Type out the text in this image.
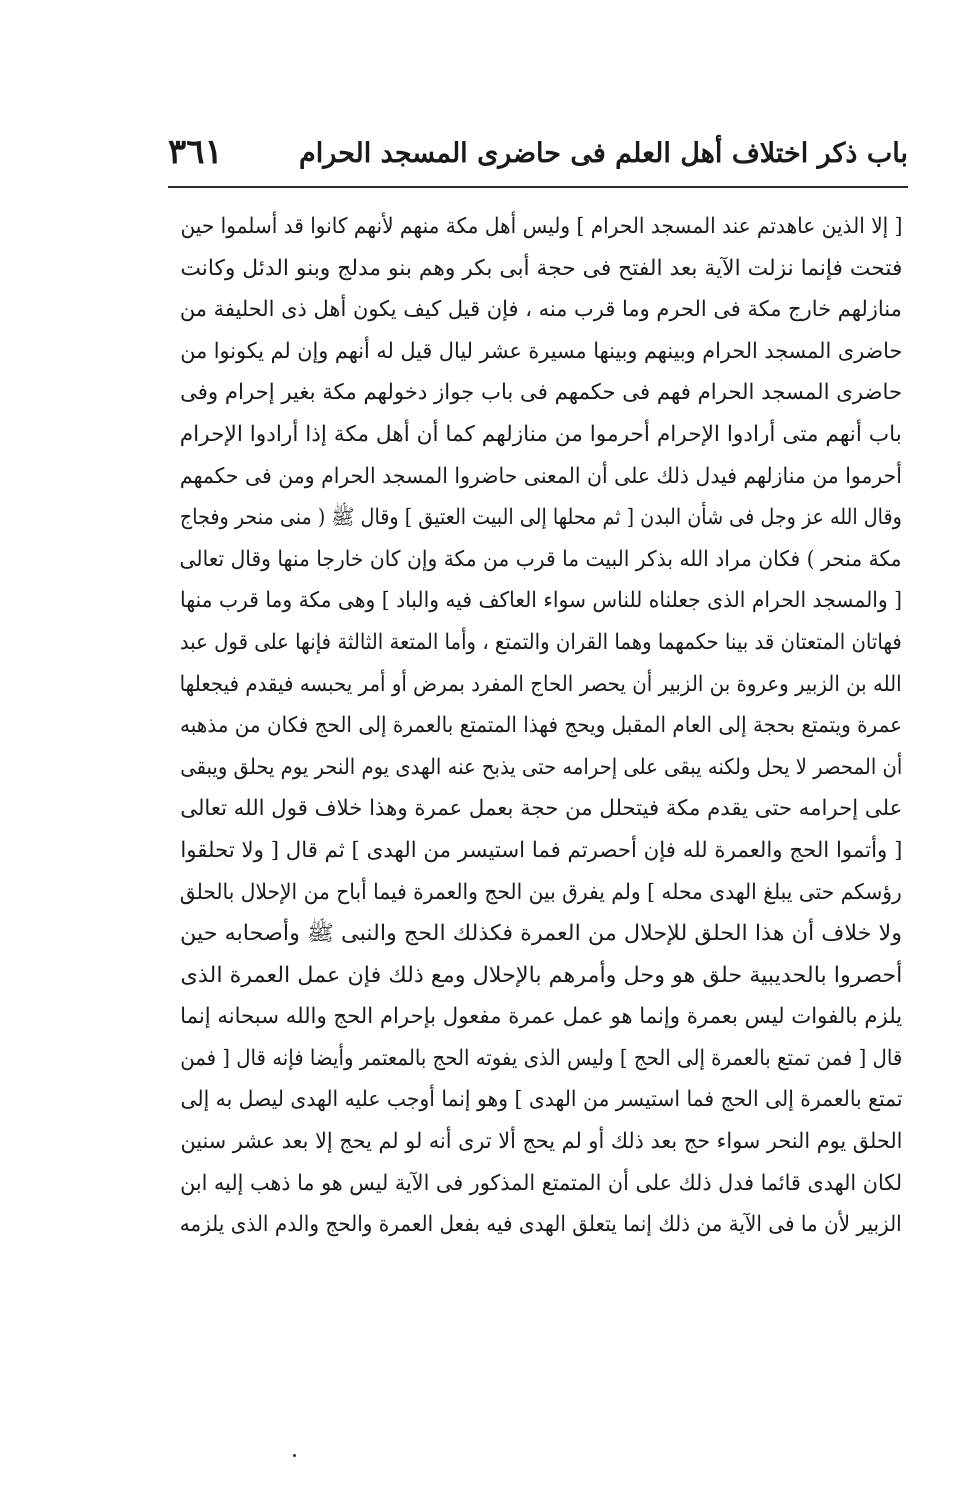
باب ذكر اختلاف أهل العلم فى حاضرى المسجد الحرام
٣٦١
[ إلا الذين عاهدتم عند المسجد الحرام ] وليس أهل مكة منهم لأنهم كانوا قد أسلموا حين
فتحت فإنما نزلت الآية بعد الفتح فى حجة أبى بكر وهم بنو مدلج وبنو الدئل وكانت
منازلهم خارج مكة فى الحرم وما قرب منه ، فإن قيل كيف يكون أهل ذى الحليفة من
حاضرى المسجد الحرام وبينهم وبينها مسيرة عشر ليال قيل له أنهم وإن لم يكونوا من
حاضرى المسجد الحرام فهم فى حكمهم فى باب جواز دخولهم مكة بغير إحرام وفى
باب أنهم متى أرادوا الإحرام أحرموا من منازلهم كما أن أهل مكة إذا أرادوا الإحرام
أحرموا من منازلهم فيدل ذلك على أن المعنى حاضروا المسجد الحرام ومن فى حكمهم
وقال الله عز وجل فى شأن البدن [ ثم محلها إلى البيت العتيق ] وقال ﷺ ( منى منحر وفجاج
مكة منحر ) فكان مراد الله بذكر البيت ما قرب من مكة وإن كان خارجا منها وقال تعالى
[ والمسجد الحرام الذى جعلناه للناس سواء العاكف فيه والباد ] وهى مكة وما قرب منها
فهاتان المتعتان قد بينا حكمهما وهما القران والتمتع ، وأما المتعة الثالثة فإنها على قول عبد
الله بن الزبير وعروة بن الزبير أن يحصر الحاج المفرد بمرض أو أمر يحبسه فيقدم فيجعلها
عمرة ويتمتع بحجة إلى العام المقبل ويحج فهذا المتمتع بالعمرة إلى الحج فكان من مذهبه
أن المحصر لا يحل ولكنه يبقى على إحرامه حتى يذبح عنه الهدى يوم النحر يوم يحلق ويبقى
على إحرامه حتى يقدم مكة فيتحلل من حجة بعمل عمرة وهذا خلاف قول الله تعالى
[ وأتموا الحج والعمرة لله فإن أحصرتم فما استيسر من الهدى ] ثم قال [ ولا تحلقوا
رؤسكم حتى يبلغ الهدى محله ] ولم يفرق بين الحج والعمرة فيما أباح من الإحلال بالحلق
ولا خلاف أن هذا الحلق للإحلال من العمرة فكذلك الحج والنبى ﷺ وأصحابه حين
أحصروا بالحديبية حلق هو وحل وأمرهم بالإحلال ومع ذلك فإن عمل العمرة الذى
يلزم بالفوات ليس بعمرة وإنما هو عمل عمرة مفعول بإحرام الحج والله سبحانه إنما
قال [ فمن تمتع بالعمرة إلى الحج ] وليس الذى يفوته الحج بالمعتمر وأيضا فإنه قال [ فمن
تمتع بالعمرة إلى الحج فما استيسر من الهدى ] وهو إنما أوجب عليه الهدى ليصل به إلى
الحلق يوم النحر سواء حج بعد ذلك أو لم يحج ألا ترى أنه لو لم يحج إلا بعد عشر سنين
لكان الهدى قائما فدل ذلك على أن المتمتع المذكور فى الآية ليس هو ما ذهب إليه ابن
الزبير لأن ما فى الآية من ذلك إنما يتعلق الهدى فيه بفعل العمرة والحج والدم الذى يلزمه
